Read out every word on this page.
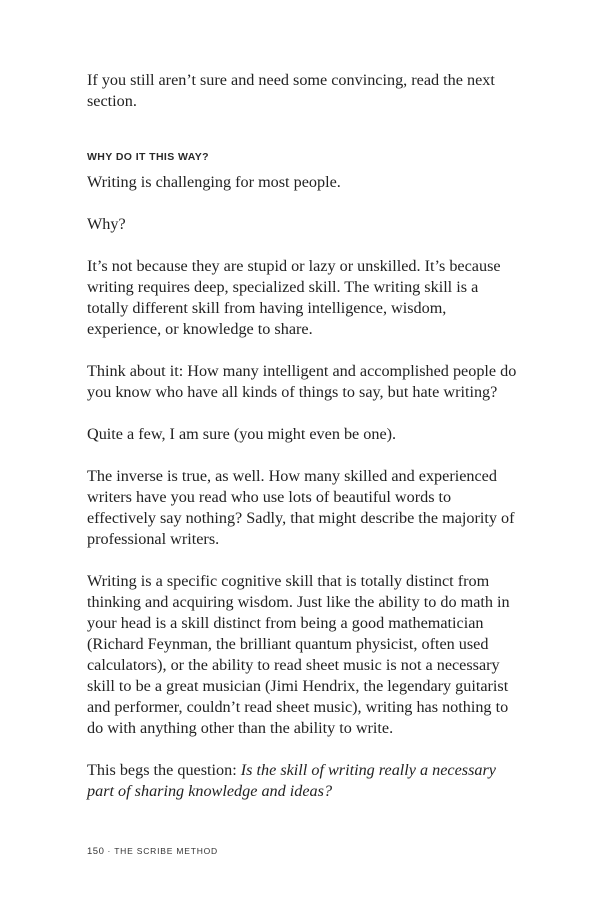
If you still aren’t sure and need some convincing, read the next section.

WHY DO IT THIS WAY?

Writing is challenging for most people.

Why?

It’s not because they are stupid or lazy or unskilled. It’s because writing requires deep, specialized skill. The writing skill is a totally different skill from having intelligence, wisdom, experience, or knowledge to share.

Think about it: How many intelligent and accomplished people do you know who have all kinds of things to say, but hate writing?

Quite a few, I am sure (you might even be one).

The inverse is true, as well. How many skilled and experienced writers have you read who use lots of beautiful words to effectively say nothing? Sadly, that might describe the majority of professional writers.

Writing is a specific cognitive skill that is totally distinct from thinking and acquiring wisdom. Just like the ability to do math in your head is a skill distinct from being a good mathematician (Richard Feynman, the brilliant quantum physicist, often used calculators), or the ability to read sheet music is not a necessary skill to be a great musician (Jimi Hendrix, the legendary guitarist and performer, couldn’t read sheet music), writing has nothing to do with anything other than the ability to write.

This begs the question: Is the skill of writing really a necessary part of sharing knowledge and ideas?

150 · THE SCRIBE METHOD
